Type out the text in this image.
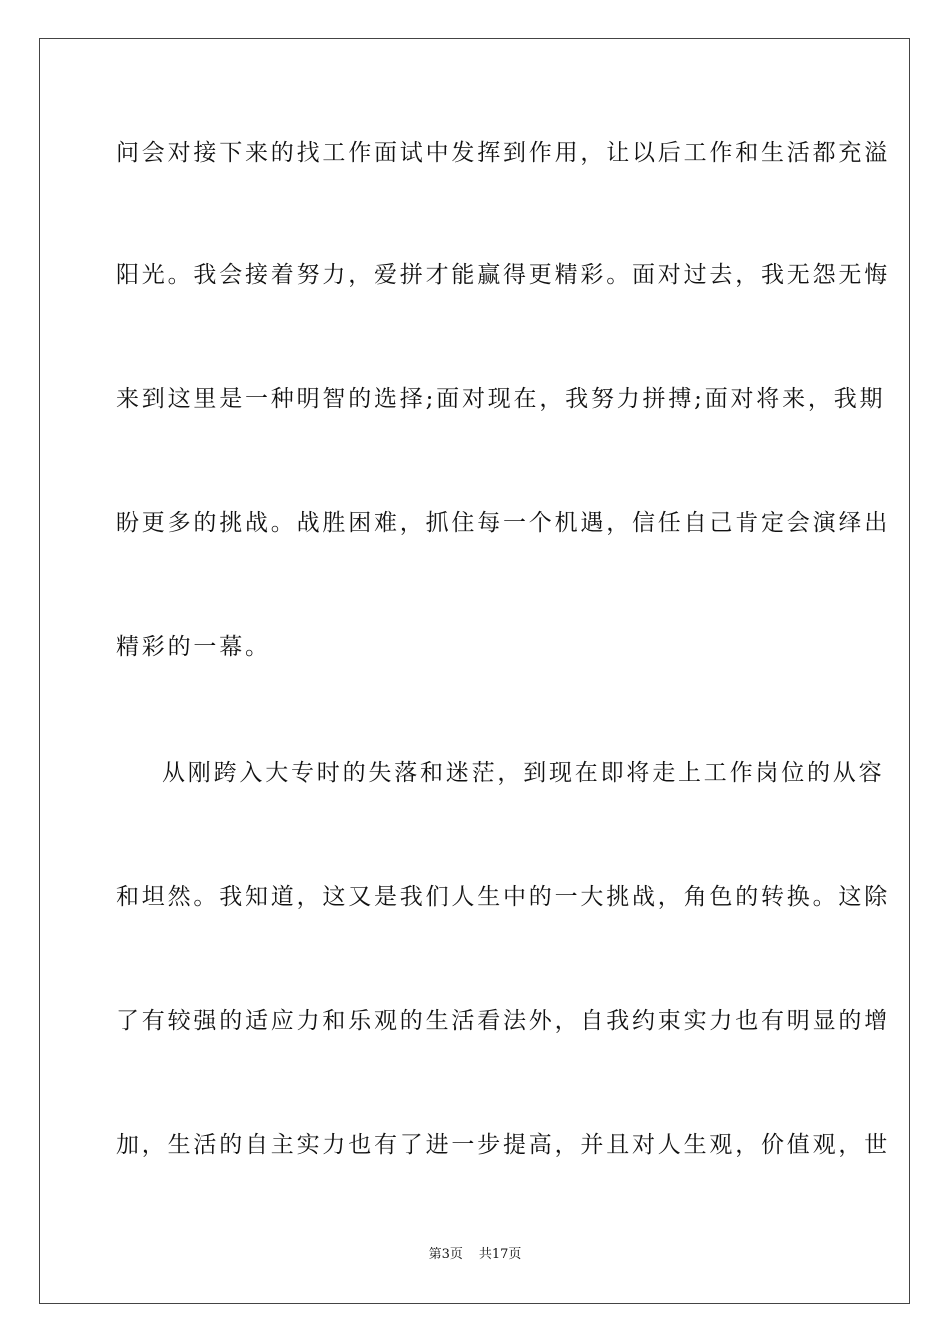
问会对接下来的找工作面试中发挥到作用，让以后工作和生活都充溢
阳光。我会接着努力，爱拼才能赢得更精彩。面对过去，我无怨无悔
来到这里是一种明智的选择;面对现在，我努力拼搏;面对将来，我期
盼更多的挑战。战胜困难，抓住每一个机遇，信任自己肯定会演绎出
精彩的一幕。
从刚跨入大专时的失落和迷茫，到现在即将走上工作岗位的从容
和坦然。我知道，这又是我们人生中的一大挑战，角色的转换。这除
了有较强的适应力和乐观的生活看法外，自我约束实力也有明显的增
加，生活的自主实力也有了进一步提高，并且对人生观，价值观，世
第3页 共17页
